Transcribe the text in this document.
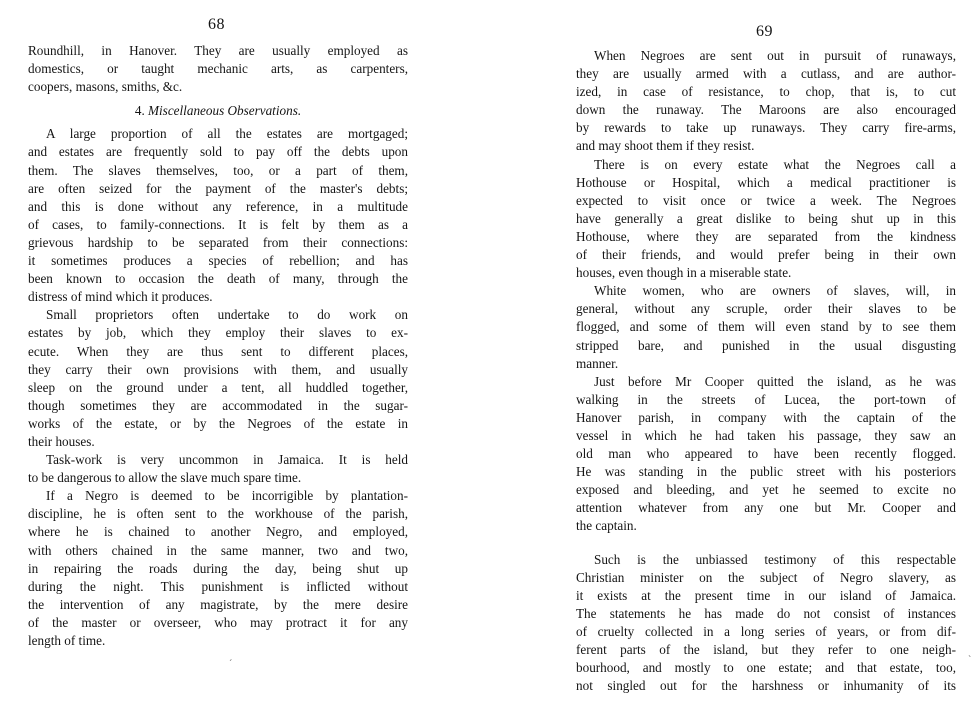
68
Roundhill, in Hanover. They are usually employed as
domestics, or taught mechanic arts, as carpenters,
coopers, masons, smiths, &c.
4. Miscellaneous Observations.
A large proportion of all the estates are mortgaged;
and estates are frequently sold to pay off the debts upon
them. The slaves themselves, too, or a part of them,
are often seized for the payment of the master's debts;
and this is done without any reference, in a multitude
of cases, to family-connections. It is felt by them as a
grievous hardship to be separated from their connections:
it sometimes produces a species of rebellion; and has
been known to occasion the death of many, through the
distress of mind which it produces.
Small proprietors often undertake to do work on
estates by job, which they employ their slaves to ex-
ecute. When they are thus sent to different places,
they carry their own provisions with them, and usually
sleep on the ground under a tent, all huddled together,
though sometimes they are accommodated in the sugar-
works of the estate, or by the Negroes of the estate in
their houses.
Task-work is very uncommon in Jamaica. It is held
to be dangerous to allow the slave much spare time.
If a Negro is deemed to be incorrigible by plantation-
discipline, he is often sent to the workhouse of the parish,
where he is chained to another Negro, and employed,
with others chained in the same manner, two and two,
in repairing the roads during the day, being shut up
during the night. This punishment is inflicted without
the intervention of any magistrate, by the mere desire
of the master or overseer, who may protract it for any
length of time.
69
When Negroes are sent out in pursuit of runaways,
they are usually armed with a cutlass, and are author-
ized, in case of resistance, to chop, that is, to cut
down the runaway. The Maroons are also encouraged
by rewards to take up runaways. They carry fire-arms,
and may shoot them if they resist.
There is on every estate what the Negroes call a
Hothouse or Hospital, which a medical practitioner is
expected to visit once or twice a week. The Negroes
have generally a great dislike to being shut up in this
Hothouse, where they are separated from the kindness
of their friends, and would prefer being in their own
houses, even though in a miserable state.
White women, who are owners of slaves, will, in
general, without any scruple, order their slaves to be
flogged, and some of them will even stand by to see them
stripped bare, and punished in the usual disgusting
manner.
Just before Mr Cooper quitted the island, as he was
walking in the streets of Lucea, the port-town of
Hanover parish, in company with the captain of the
vessel in which he had taken his passage, they saw an
old man who appeared to have been recently flogged.
He was standing in the public street with his posteriors
exposed and bleeding, and yet he seemed to excite no
attention whatever from any one but Mr. Cooper and
the captain.
Such is the unbiassed testimony of this respectable
Christian minister on the subject of Negro slavery, as
it exists at the present time in our island of Jamaica.
The statements he has made do not consist of instances
of cruelty collected in a long series of years, or from dif-
ferent parts of the island, but they refer to one neigh-
bourhood, and mostly to one estate; and that estate, too,
not singled out for the harshness or inhumanity of its
ˊ	ˋ
